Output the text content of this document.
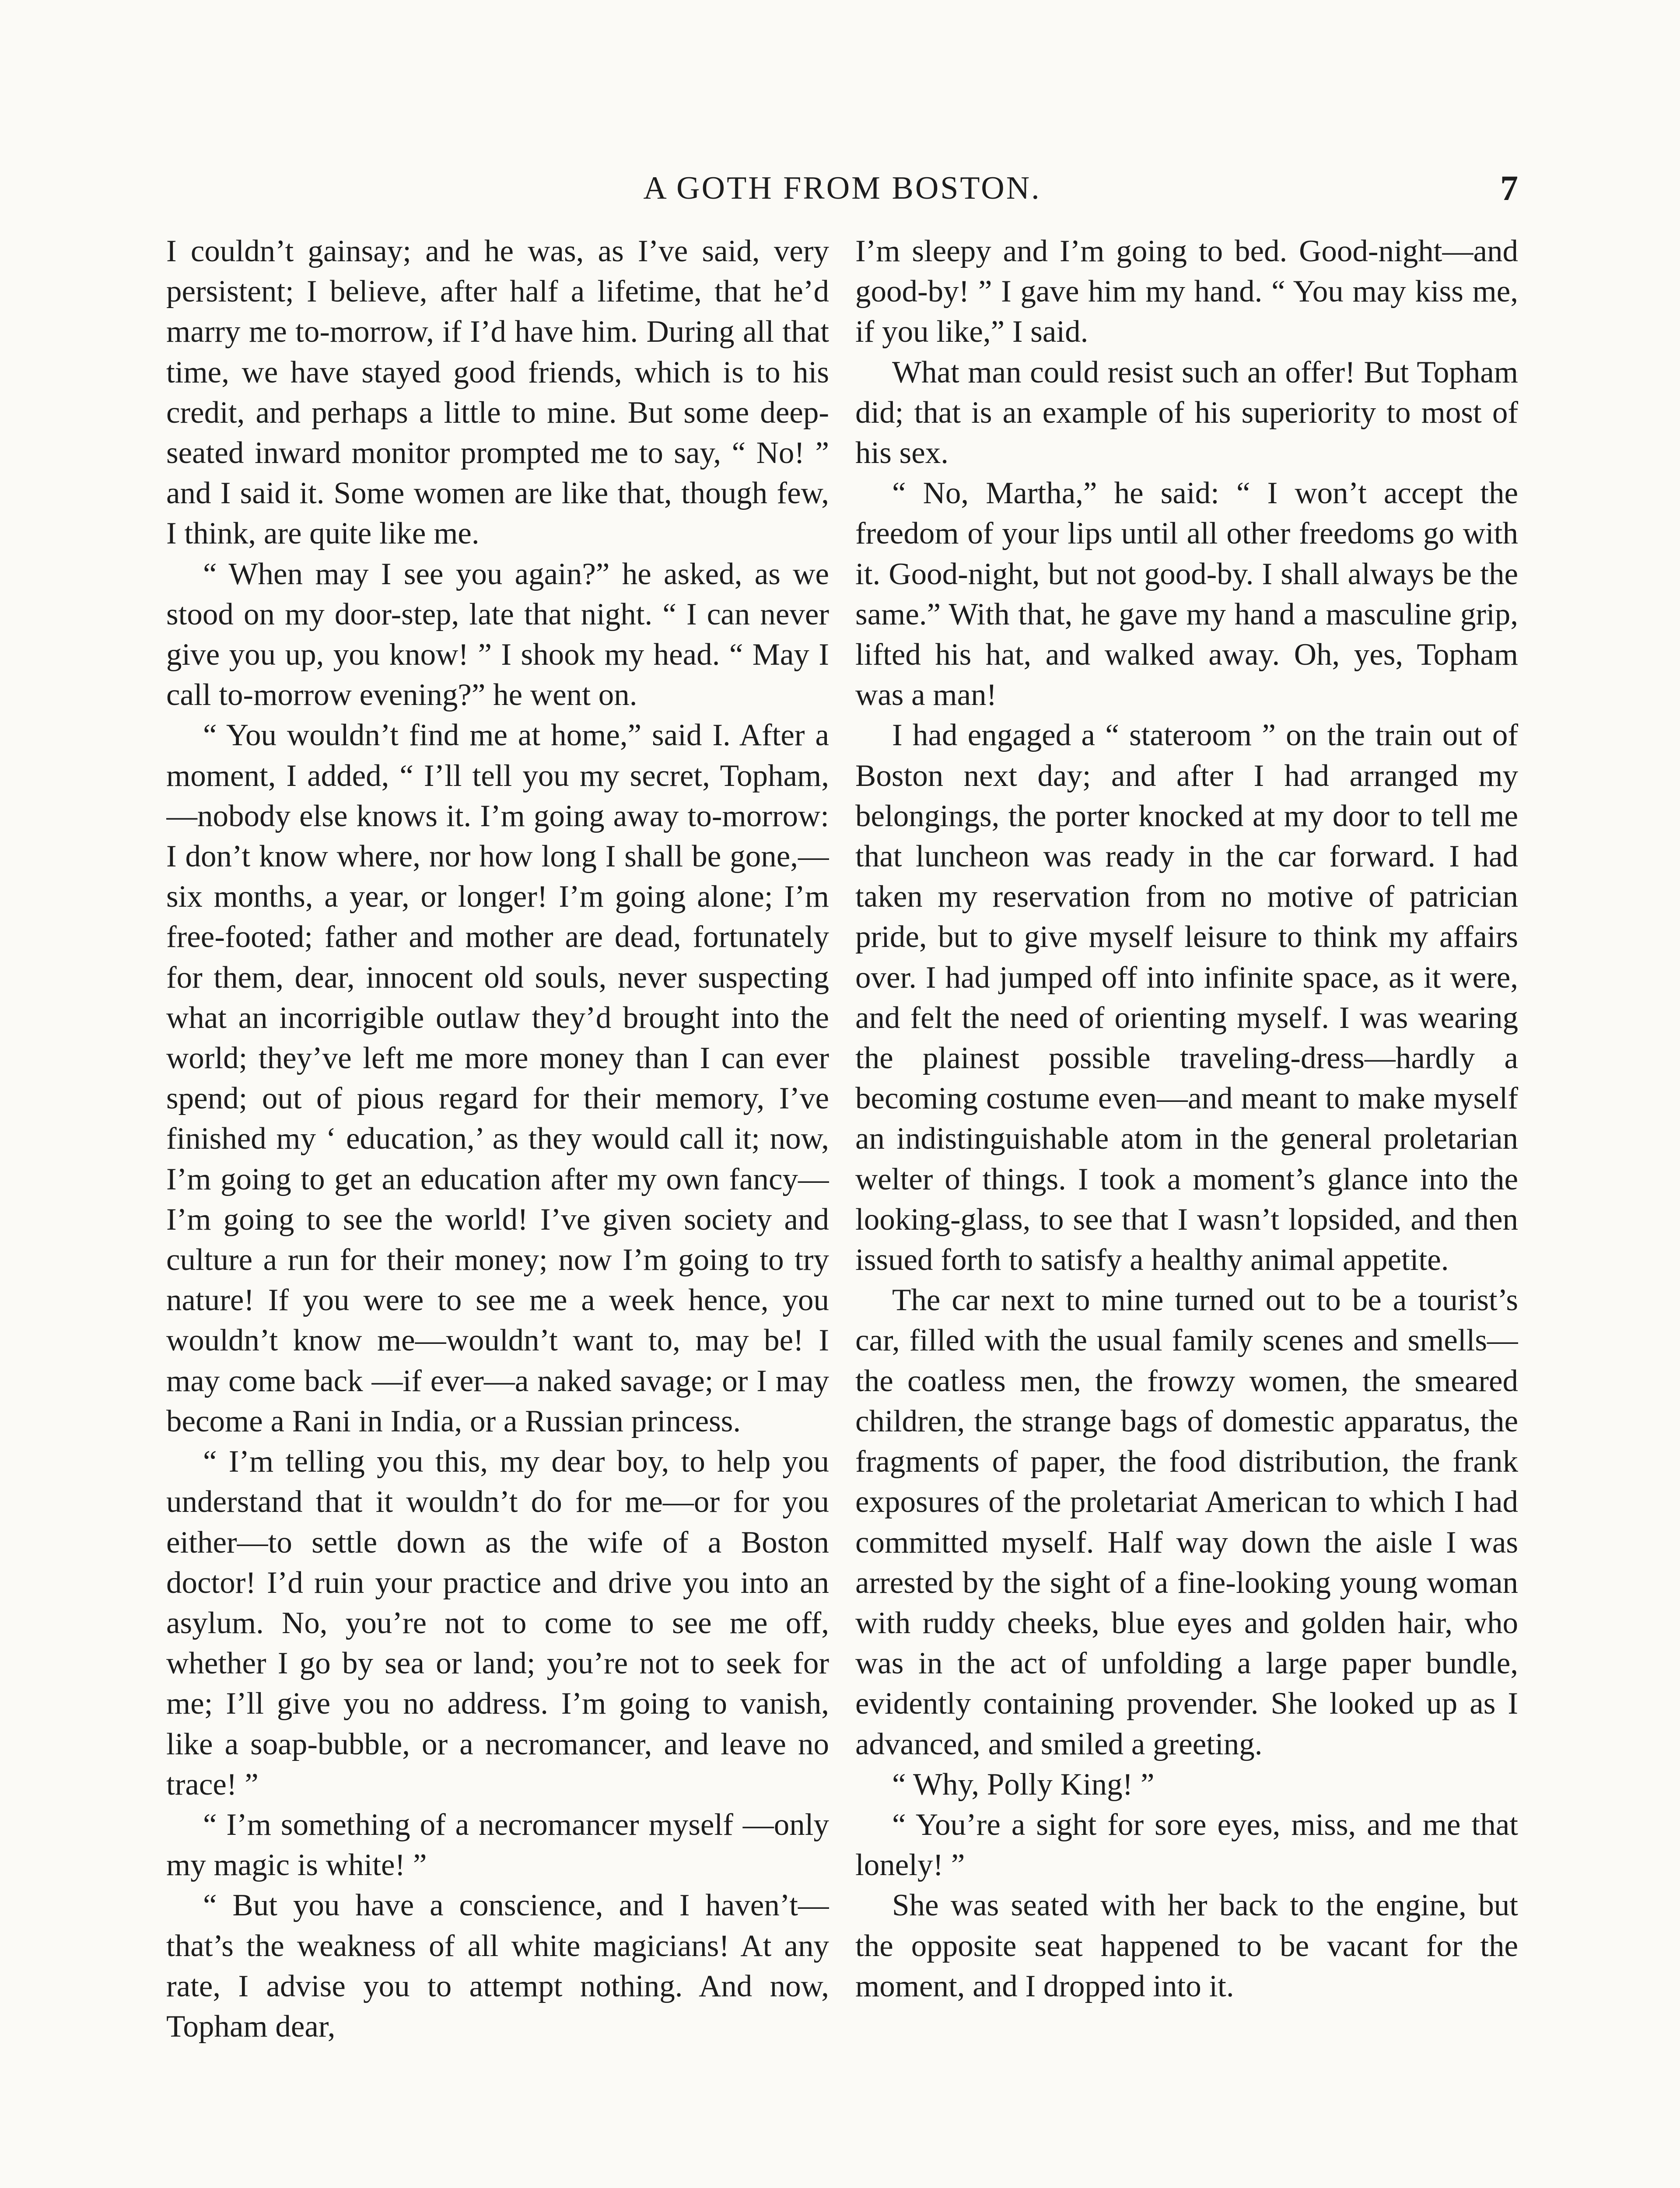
A GOTH FROM BOSTON.	7

I couldn’t gainsay; and he was, as I’ve said, very persistent; I believe, after half a lifetime, that he’d marry me to-morrow, if I’d have him. During all that time, we have stayed good friends, which is to his credit, and perhaps a little to mine. But some deep-seated inward monitor prompted me to say, “ No! ” and I said it. Some women are like that, though few, I think, are quite like me.

“ When may I see you again?” he asked, as we stood on my door-step, late that night. “ I can never give you up, you know! ” I shook my head. “ May I call to-morrow evening?” he went on.

“ You wouldn’t find me at home,” said I. After a moment, I added, “ I’ll tell you my secret, Topham,—nobody else knows it. I’m going away to-morrow: I don’t know where, nor how long I shall be gone,—six months, a year, or longer! I’m going alone; I’m free-footed; father and mother are dead, fortunately for them, dear, innocent old souls, never suspecting what an incorrigible outlaw they’d brought into the world; they’ve left me more money than I can ever spend; out of pious regard for their memory, I’ve finished my ‘ education,’ as they would call it; now, I’m going to get an education after my own fancy—I’m going to see the world! I’ve given society and culture a run for their money; now I’m going to try nature! If you were to see me a week hence, you wouldn’t know me—wouldn’t want to, may be! I may come back —if ever—a naked savage; or I may become a Rani in India, or a Russian princess.

“ I’m telling you this, my dear boy, to help you understand that it wouldn’t do for me—or for you either—to settle down as the wife of a Boston doctor! I’d ruin your practice and drive you into an asylum. No, you’re not to come to see me off, whether I go by sea or land; you’re not to seek for me; I’ll give you no address. I’m going to vanish, like a soap-bubble, or a necromancer, and leave no trace! ”

“ I’m something of a necromancer myself —only my magic is white! ”

“ But you have a conscience, and I haven’t—that’s the weakness of all white magicians! At any rate, I advise you to attempt nothing. And now, Topham dear,

I’m sleepy and I’m going to bed. Good-night—and good-by! ” I gave him my hand. “ You may kiss me, if you like,” I said.

What man could resist such an offer! But Topham did; that is an example of his superiority to most of his sex.

“ No, Martha,” he said: “ I won’t accept the freedom of your lips until all other freedoms go with it. Good-night, but not good-by. I shall always be the same.” With that, he gave my hand a masculine grip, lifted his hat, and walked away. Oh, yes, Topham was a man!

I had engaged a “ stateroom ” on the train out of Boston next day; and after I had arranged my belongings, the porter knocked at my door to tell me that luncheon was ready in the car forward. I had taken my reservation from no motive of patrician pride, but to give myself leisure to think my affairs over. I had jumped off into infinite space, as it were, and felt the need of orienting myself. I was wearing the plainest possible traveling-dress—hardly a becoming costume even—and meant to make myself an indistinguishable atom in the general proletarian welter of things. I took a moment’s glance into the looking-glass, to see that I wasn’t lopsided, and then issued forth to satisfy a healthy animal appetite.

The car next to mine turned out to be a tourist’s car, filled with the usual family scenes and smells—the coatless men, the frowzy women, the smeared children, the strange bags of domestic apparatus, the fragments of paper, the food distribution, the frank exposures of the proletariat American to which I had committed myself. Half way down the aisle I was arrested by the sight of a fine-looking young woman with ruddy cheeks, blue eyes and golden hair, who was in the act of unfolding a large paper bundle, evidently containing provender. She looked up as I advanced, and smiled a greeting.

“ Why, Polly King! ”

“ You’re a sight for sore eyes, miss, and me that lonely! ”

She was seated with her back to the engine, but the opposite seat happened to be vacant for the moment, and I dropped into it.
